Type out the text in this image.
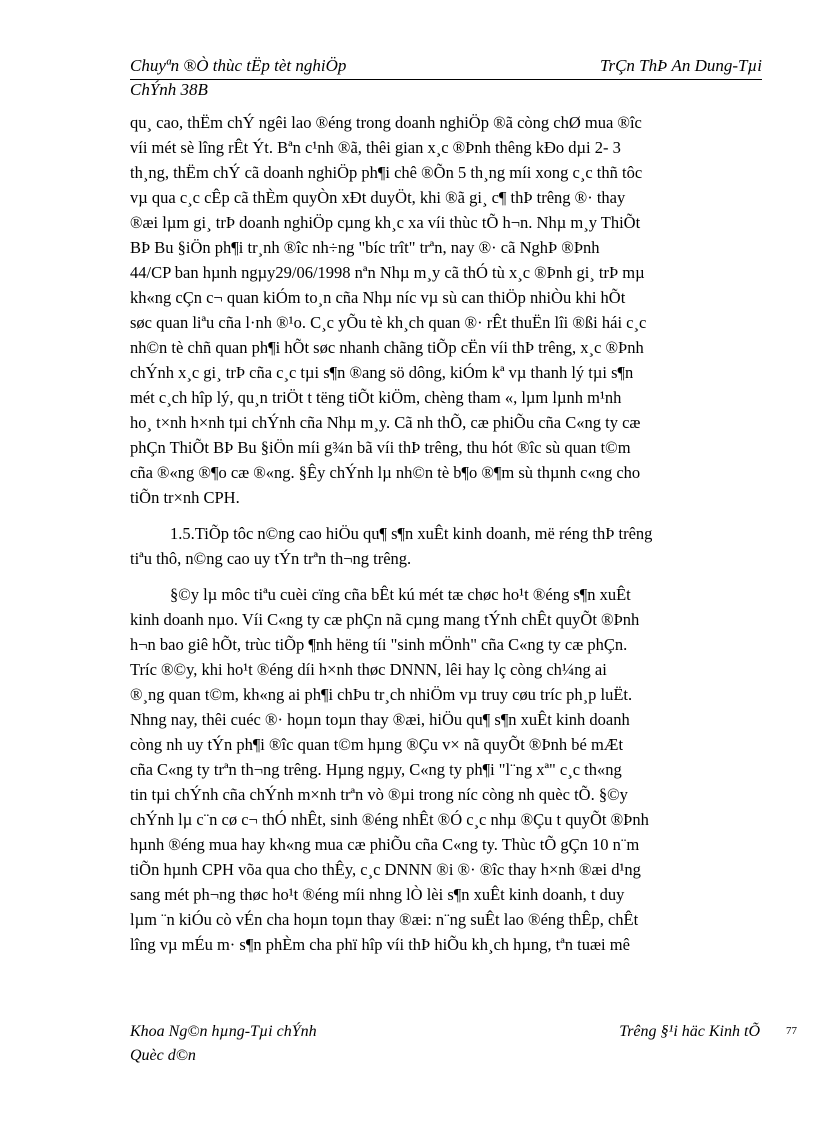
Chuyªn ®Ò thùc tËp tèt nghiÖp
ChÝnh 38B
TrÇn ThÞ An Dung-Tµi

qu¸ cao, thËm chÝ ngêi lao ®éng trong doanh nghiÖp ®ã còng chØ mua ®îc
víi mét sè lîng rÊt Ýt. Bªn c¹nh ®ã, thêi gian x¸c ®Þnh thêng kÐo dµi 2- 3
th¸ng, thËm chÝ cã doanh nghiÖp ph¶i chê ®Õn 5 th¸ng míi xong c¸c thñ tôc
vµ qua c¸c cÊp cã thÈm quyÒn xÐt duyÖt, khi ®ã gi¸ c¶ thÞ trêng ®· thay
®æi lµm gi¸ trÞ doanh nghiÖp cµng kh¸c xa víi thùc tÕ h¬n. Nhµ m¸y ThiÕt
BÞ Bu §iÖn ph¶i tr¸nh ®îc nh÷ng "bíc trît" trªn, nay ®· cã NghÞ ®Þnh
44/CP ban hµnh ngµy29/06/1998 nªn Nhµ m¸y cã thÓ tù x¸c ®Þnh gi¸ trÞ mµ
kh«ng cÇn c¬ quan kiÓm to¸n cña Nhµ níc vµ sù can thiÖp nhiÒu khi hÕt
søc quan liªu cña l·nh ®¹o. C¸c yÕu tè kh¸ch quan ®· rÊt thuËn lîi ®ßi hái c¸c
nh©n tè chñ quan ph¶i hÕt søc nhanh chãng tiÕp cËn víi thÞ trêng, x¸c ®Þnh
chÝnh x¸c gi¸ trÞ cña c¸c tµi s¶n ®ang sö dông, kiÓm kª vµ thanh lý tµi s¶n
mét c¸ch hîp lý, qu¸n triÖt t tëng tiÕt kiÖm, chèng tham «, lµm lµnh m¹nh
ho¸ t×nh h×nh tµi chÝnh cña Nhµ m¸y. Cã nh thÕ, cæ phiÕu cña C«ng ty cæ
phÇn ThiÕt BÞ Bu §iÖn míi g¾n bã víi thÞ trêng, thu hót ®îc sù quan t©m
cña ®«ng ®¶o cæ ®«ng. §Êy chÝnh lµ nh©n tè b¶o ®¶m sù thµnh c«ng cho
tiÕn tr×nh CPH.

1.5.TiÕp tôc n©ng cao hiÖu qu¶ s¶n xuÊt kinh doanh, më réng thÞ trêng
tiªu thô, n©ng cao uy tÝn trªn th¬ng trêng.

§©y lµ môc tiªu cuèi cïng cña bÊt kú mét tæ chøc ho¹t ®éng s¶n xuÊt
kinh doanh nµo. Víi C«ng ty cæ phÇn nã cµng mang tÝnh chÊt quyÕt ®Þnh
h¬n bao giê hÕt, trùc tiÕp ¶nh hëng tíi "sinh mÖnh" cña C«ng ty cæ phÇn.
Tríc ®©y, khi ho¹t ®éng díi h×nh thøc DNNN, lêi hay lç còng ch¼ng ai
®¸ng quan t©m, kh«ng ai ph¶i chÞu tr¸ch nhiÖm vµ truy cøu tríc ph¸p luËt.
Nhng nay, thêi cuéc ®· hoµn toµn thay ®æi, hiÖu qu¶ s¶n xuÊt kinh doanh
còng nh uy tÝn ph¶i ®îc quan t©m hµng ®Çu v× nã quyÕt ®Þnh bé mÆt
cña C«ng ty trªn th¬ng trêng. Hµng ngµy, C«ng ty ph¶i "l¨ng xª" c¸c th«ng
tin tµi chÝnh cña chÝnh m×nh trªn vò ®µi trong níc còng nh quèc tÕ. §©y
chÝnh lµ c¨n cø c¬ thÓ nhÊt, sinh ®éng nhÊt ®Ó c¸c nhµ ®Çu t quyÕt ®Þnh
hµnh ®éng mua hay kh«ng mua cæ phiÕu cña C«ng ty. Thùc tÕ gÇn 10 n¨m
tiÕn hµnh CPH võa qua cho thÊy, c¸c DNNN ®i ®· ®îc thay h×nh ®æi d¹ng
sang mét ph¬ng thøc ho¹t ®éng míi nhng lÒ lèi s¶n xuÊt kinh doanh, t duy
lµm ¨n kiÓu cò vÉn cha hoµn toµn thay ®æi: n¨ng suÊt lao ®éng thÊp, chÊt
lîng vµ mÉu m· s¶n phÈm cha phï hîp víi thÞ hiÕu kh¸ch hµng, tªn tuæi mê

77
Khoa Ng©n hµng-Tµi chÝnh
Quèc d©n
Trêng §¹i häc Kinh tÕ
